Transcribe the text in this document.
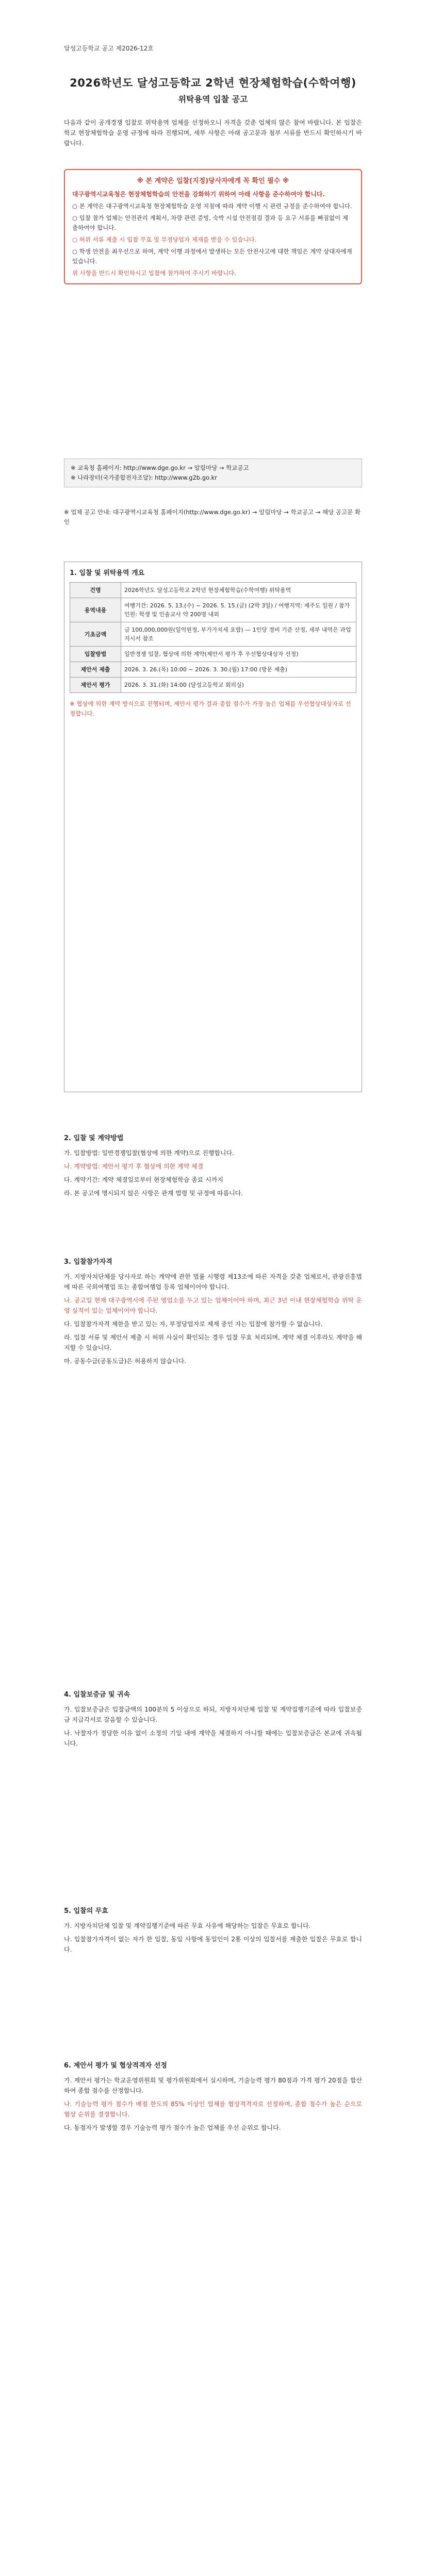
달성고등학교 공고 제2026-12호
2026학년도 달성고등학교 2학년 현장체험학습(수학여행)
위탁용역 입찰 공고
다음과 같이 공개경쟁 입찰로 위탁용역 업체를 선정하오니 자격을 갖춘 업체의 많은 참여 바랍니다. 본 입찰은 학교 현장체험학습 운영 규정에 따라 진행되며, 세부 사항은 아래 공고문과 첨부 서류를 반드시 확인하시기 바랍니다.
※ 본 계약은 입찰(지정)당사자에게 꼭 확인 필수 ※
대구광역시교육청은 현장체험학습의 안전을 강화하기 위하여 아래 사항을 준수하여야 합니다.
○ 본 계약은 대구광역시교육청 현장체험학습 운영 지침에 따라 계약 이행 시 관련 규정을 준수하여야 합니다.
○ 입찰 참가 업체는 안전관리 계획서, 차량 관련 증빙, 숙박 시설 안전점검 결과 등 요구 서류를 빠짐없이 제출하여야 합니다.
○ 허위 서류 제출 시 입찰 무효 및 부정당업자 제재를 받을 수 있습니다.
○ 학생 안전을 최우선으로 하며, 계약 이행 과정에서 발생하는 모든 안전사고에 대한 책임은 계약 상대자에게 있습니다.
위 사항을 반드시 확인하시고 입찰에 참가하여 주시기 바랍니다.
※ 교육청 홈페이지: http://www.dge.go.kr → 알림마당 → 학교공고
※ 나라장터(국가종합전자조달): http://www.g2b.go.kr
※ 업체 공고 안내: 대구광역시교육청 홈페이지(http://www.dge.go.kr) → 알림마당 → 학교공고 → 해당 공고문 확인

1. 입찰 및 위탁용역 개요

건명	2026학년도 달성고등학교 2학년 현장체험학습(수학여행) 위탁용역
용역내용	여행기간: 2026. 5. 13.(수) ~ 2026. 5. 15.(금) (2박 3일) / 여행지역: 제주도 일원 / 참가인원: 학생 및 인솔교사 약 200명 내외
기초금액	금 100,000,000원(일억원정, 부가가치세 포함) — 1인당 경비 기준 산정, 세부 내역은 과업지시서 참조
입찰방법	일반경쟁 입찰, 협상에 의한 계약(제안서 평가 후 우선협상대상자 선정)
제안서 제출	2026. 3. 26.(목) 10:00 ~ 2026. 3. 30.(월) 17:00 (방문 제출)
제안서 평가	2026. 3. 31.(화) 14:00 (달성고등학교 회의실)
※ 협상에 의한 계약 방식으로 진행되며, 제안서 평가 결과 종합 점수가 가장 높은 업체를 우선협상대상자로 선정합니다.
2. 입찰 및 계약방법

가. 입찰방법: 일반경쟁입찰(협상에 의한 계약)으로 진행합니다.

나. 계약방법: 제안서 평가 후 협상에 의한 계약 체결

다. 계약기간: 계약 체결일로부터 현장체험학습 종료 시까지

라. 본 공고에 명시되지 않은 사항은 관계 법령 및 규정에 따릅니다.

3. 입찰참가자격

가. 지방자치단체를 당사자로 하는 계약에 관한 법률 시행령 제13조에 따른 자격을 갖춘 업체로서, 관광진흥법에 따른 국외여행업 또는 종합여행업 등록 업체이어야 합니다.

나. 공고일 현재 대구광역시에 주된 영업소를 두고 있는 업체이어야 하며, 최근 3년 이내 현장체험학습 위탁 운영 실적이 있는 업체이어야 합니다.

다. 입찰참가자격 제한을 받고 있는 자, 부정당업자로 제재 중인 자는 입찰에 참가할 수 없습니다.

라. 입찰 서류 및 제안서 제출 시 허위 사실이 확인되는 경우 입찰 무효 처리되며, 계약 체결 이후라도 계약을 해지할 수 있습니다.

마. 공동수급(공동도급)은 허용하지 않습니다.

4. 입찰보증금 및 귀속

가. 입찰보증금은 입찰금액의 100분의 5 이상으로 하되, 지방자치단체 입찰 및 계약집행기준에 따라 입찰보증금 지급각서로 갈음할 수 있습니다.

나. 낙찰자가 정당한 이유 없이 소정의 기일 내에 계약을 체결하지 아니할 때에는 입찰보증금은 본교에 귀속됩니다.

5. 입찰의 무효

가. 지방자치단체 입찰 및 계약집행기준에 따른 무효 사유에 해당하는 입찰은 무효로 합니다.

나. 입찰참가자격이 없는 자가 한 입찰, 동일 사항에 동일인이 2통 이상의 입찰서를 제출한 입찰은 무효로 합니다.

6. 제안서 평가 및 협상적격자 선정

가. 제안서 평가는 학교운영위원회 및 평가위원회에서 실시하며, 기술능력 평가 80점과 가격 평가 20점을 합산하여 종합 점수를 산정합니다.

나. 기술능력 평가 점수가 배점 한도의 85% 이상인 업체를 협상적격자로 선정하며, 종합 점수가 높은 순으로 협상 순위를 결정합니다.

다. 동점자가 발생할 경우 기술능력 평가 점수가 높은 업체를 우선 순위로 합니다.
